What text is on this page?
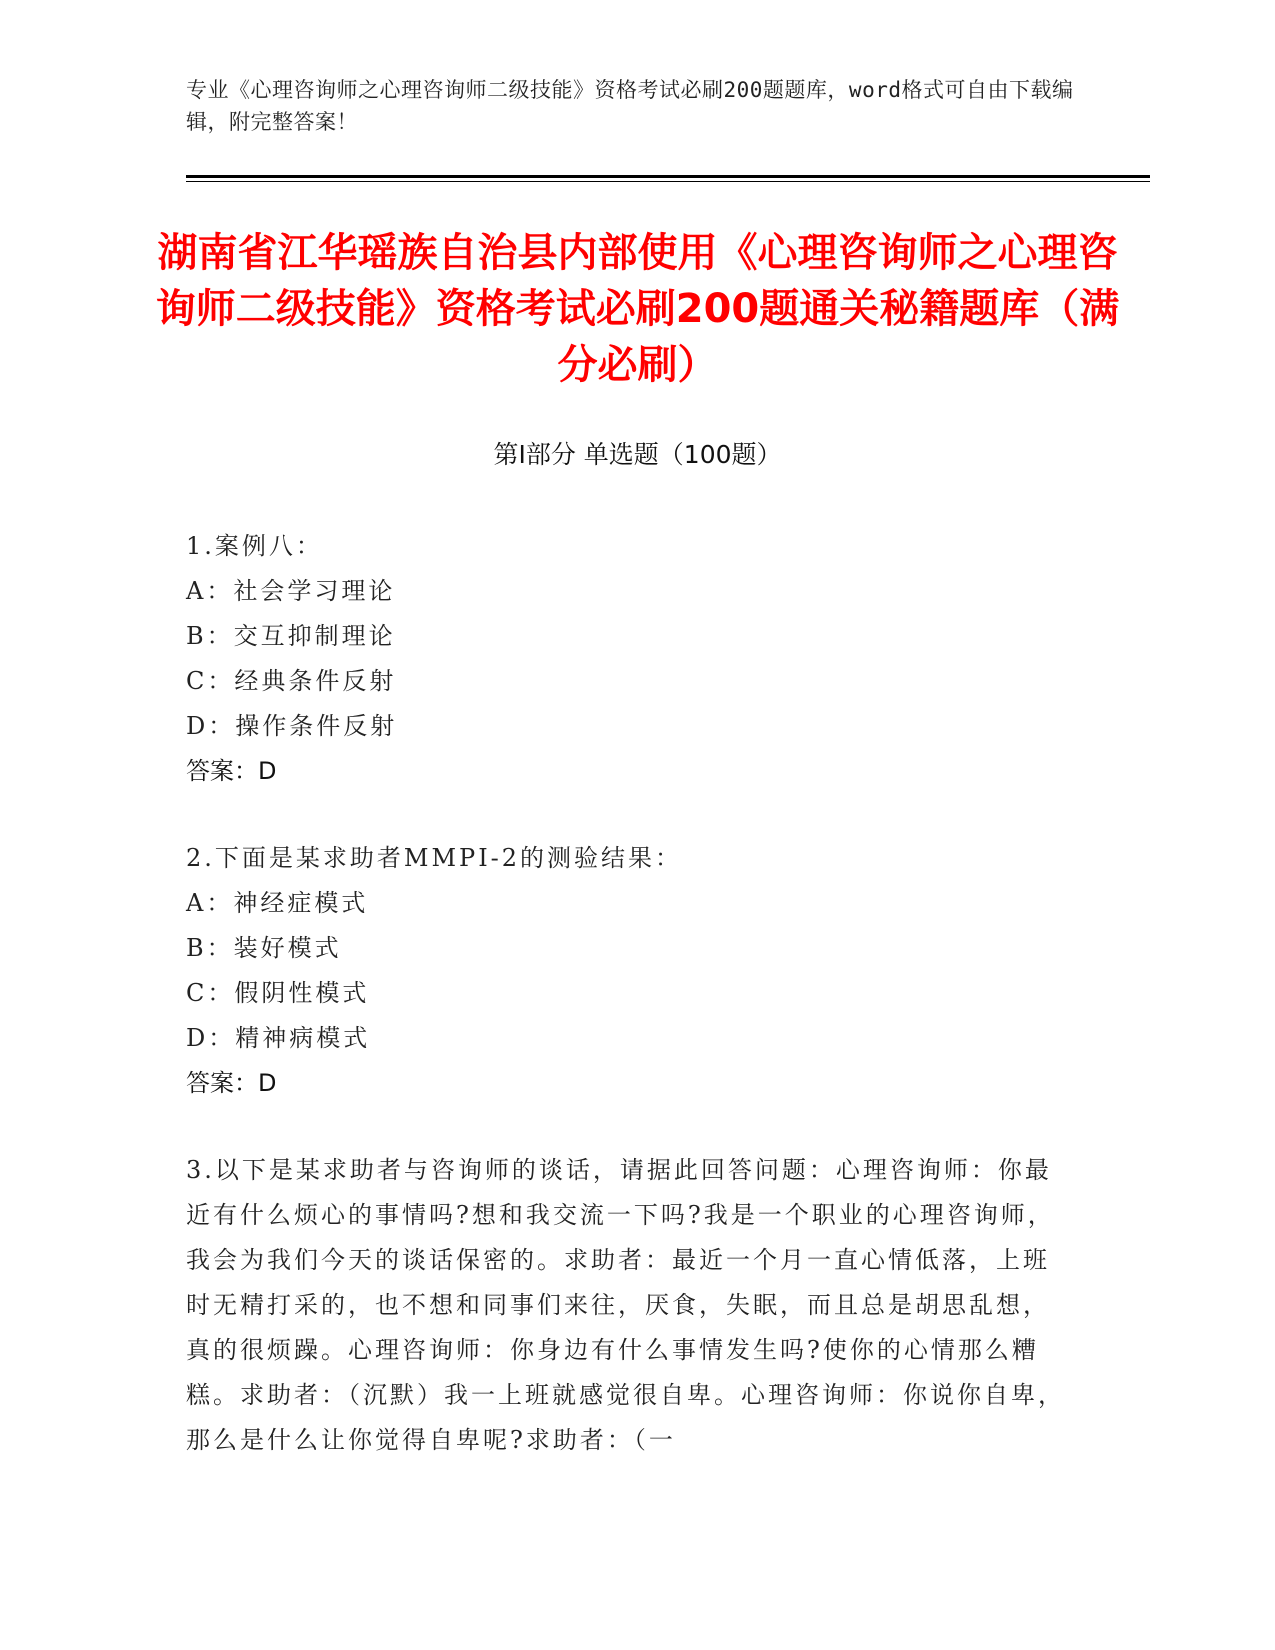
专业《心理咨询师之心理咨询师二级技能》资格考试必刷200题题库，word格式可自由下载编辑，附完整答案！
湖南省江华瑶族自治县内部使用《心理咨询师之心理咨询师二级技能》资格考试必刷200题通关秘籍题库（满分必刷）
第Ⅰ部分 单选题（100题）
1.案例八：
A：社会学习理论
B：交互抑制理论
C：经典条件反射
D：操作条件反射
答案：D
2.下面是某求助者MMPI-2的测验结果：
A：神经症模式
B：装好模式
C：假阴性模式
D：精神病模式
答案：D
3.以下是某求助者与咨询师的谈话，请据此回答问题：心理咨询师：你最近有什么烦心的事情吗?想和我交流一下吗?我是一个职业的心理咨询师，我会为我们今天的谈话保密的。求助者：最近一个月一直心情低落，上班时无精打采的，也不想和同事们来往，厌食，失眠，而且总是胡思乱想，真的很烦躁。心理咨询师：你身边有什么事情发生吗?使你的心情那么糟糕。求助者：（沉默）我一上班就感觉很自卑。心理咨询师：你说你自卑，那么是什么让你觉得自卑呢?求助者：（一
